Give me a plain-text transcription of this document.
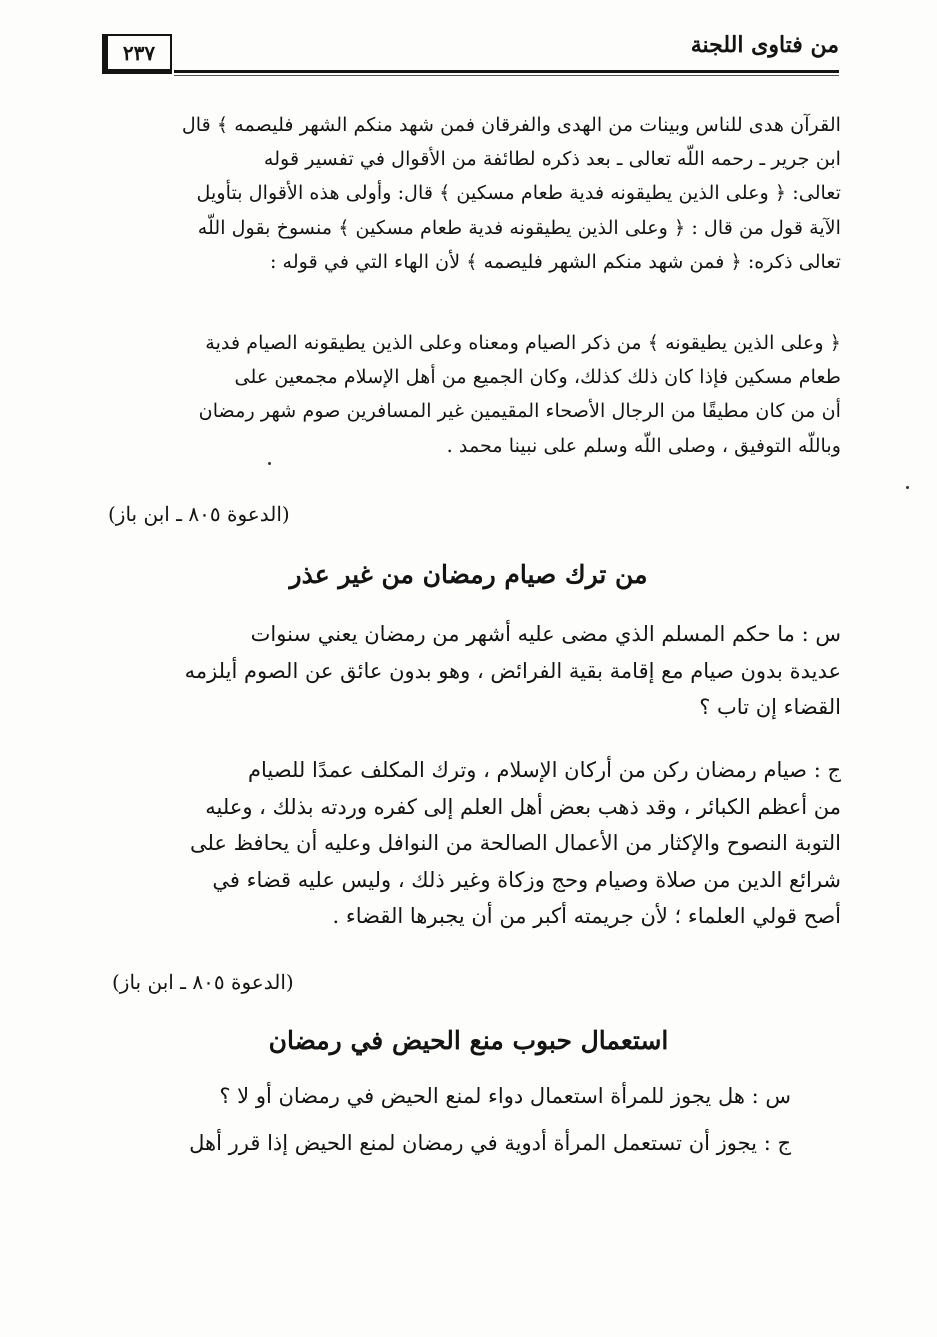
من فتاوى اللجنة
٢٣٧
القرآن هدى للناس وبينات من الهدى والفرقان فمن شهد منكم الشهر فليصمه ﴾ قال
ابن جرير ـ رحمه اللّه تعالى ـ بعد ذكره لطائفة من الأقوال في تفسير قوله
تعالى: ﴿ وعلى الذين يطيقونه فدية طعام مسكين ﴾ قال: وأولى هذه الأقوال بتأويل
الآية قول من قال : ﴿ وعلى الذين يطيقونه فدية طعام مسكين ﴾ منسوخ بقول اللّه
تعالى ذكره: ﴿ فمن شهد منكم الشهر فليصمه ﴾ لأن الهاء التي في قوله :
﴿ وعلى الذين يطيقونه ﴾ من ذكر الصيام ومعناه وعلى الذين يطيقونه الصيام فدية
طعام مسكين فإذا كان ذلك كذلك، وكان الجميع من أهل الإسلام مجمعين على
أن من كان مطيقًا من الرجال الأصحاء المقيمين غير المسافرين صوم شهر رمضان
وباللّه التوفيق ، وصلى اللّه وسلم على نبينا محمد .
(الدعوة ٨٠٥ ـ ابن باز)
من ترك صيام رمضان من غير عذر
س : ما حكم المسلم الذي مضى عليه أشهر من رمضان يعني سنوات
عديدة بدون صيام مع إقامة بقية الفرائض ، وهو بدون عائق عن الصوم أيلزمه
القضاء إن تاب ؟
ج : صيام رمضان ركن من أركان الإسلام ، وترك المكلف عمدًا للصيام
من أعظم الكبائر ، وقد ذهب بعض أهل العلم إلى كفره وردته بذلك ، وعليه
التوبة النصوح والإكثار من الأعمال الصالحة من النوافل وعليه أن يحافظ على
شرائع الدين من صلاة وصيام وحج وزكاة وغير ذلك ، وليس عليه قضاء في
أصح قولي العلماء ؛ لأن جريمته أكبر من أن يجبرها القضاء .
(الدعوة ٨٠٥ ـ ابن باز)
استعمال حبوب منع الحيض في رمضان
س : هل يجوز للمرأة استعمال دواء لمنع الحيض في رمضان أو لا ؟
ج : يجوز أن تستعمل المرأة أدوية في رمضان لمنع الحيض إذا قرر أهل
